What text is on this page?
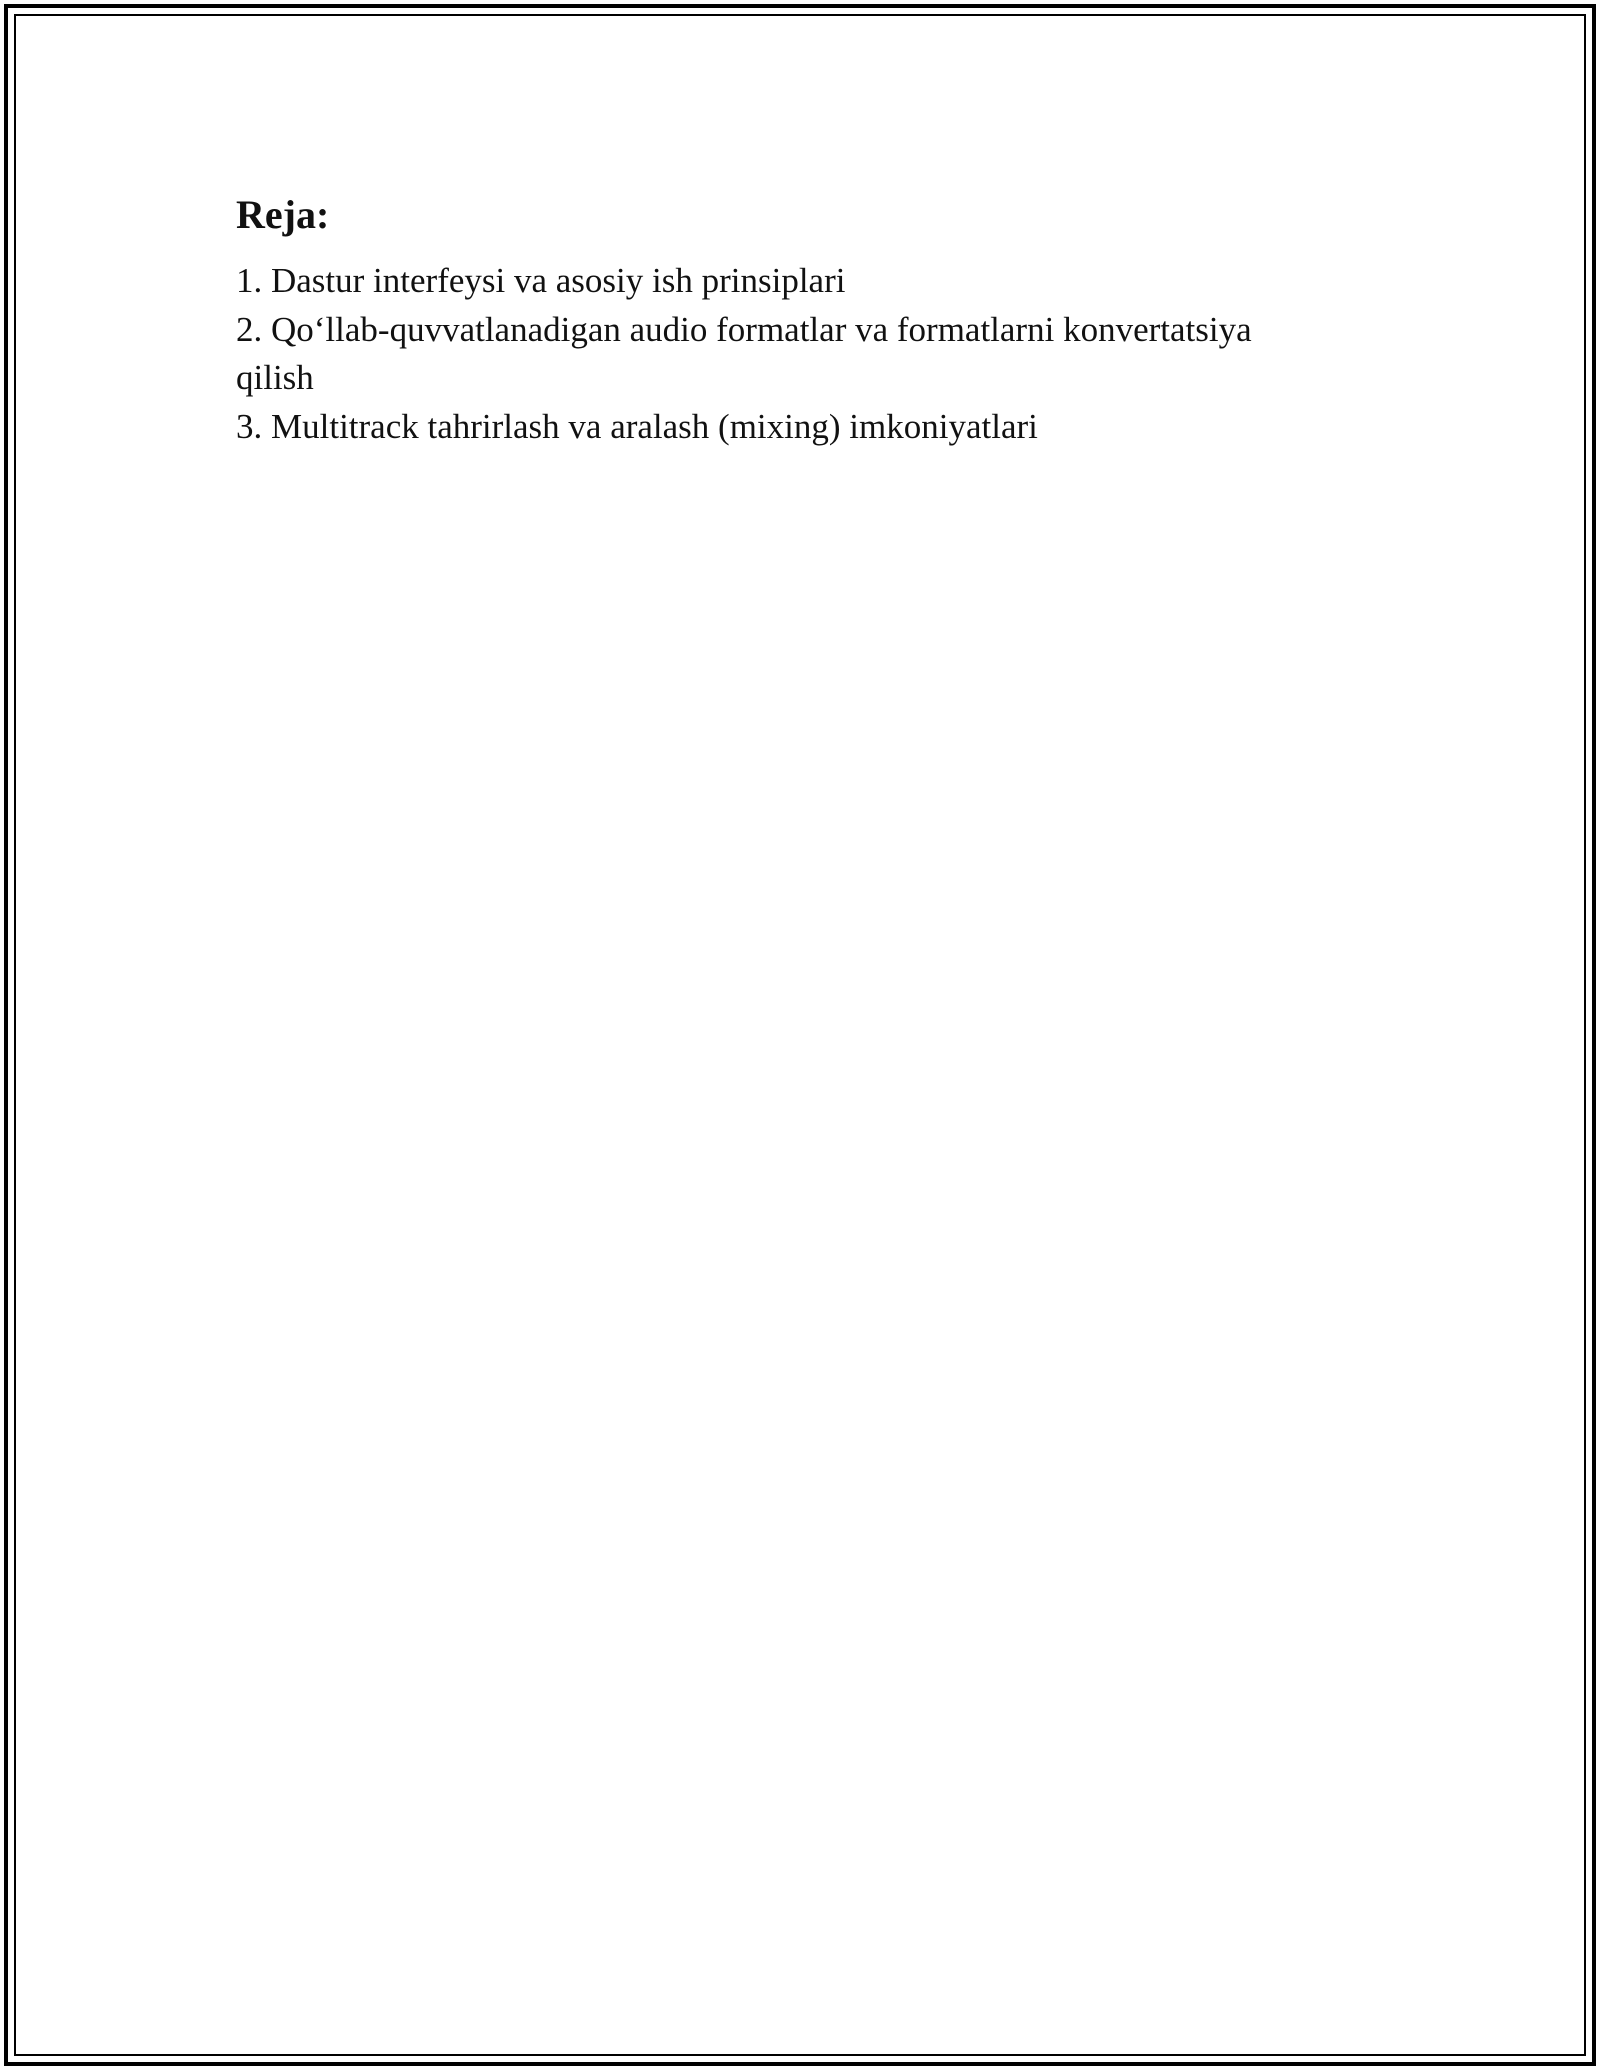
Reja:
1. Dastur interfeysi va asosiy ish prinsiplari
2. Qo‘llab-quvvatlanadigan audio formatlar va formatlarni konvertatsiya qilish
3. Multitrack tahrirlash va aralash (mixing) imkoniyatlari
